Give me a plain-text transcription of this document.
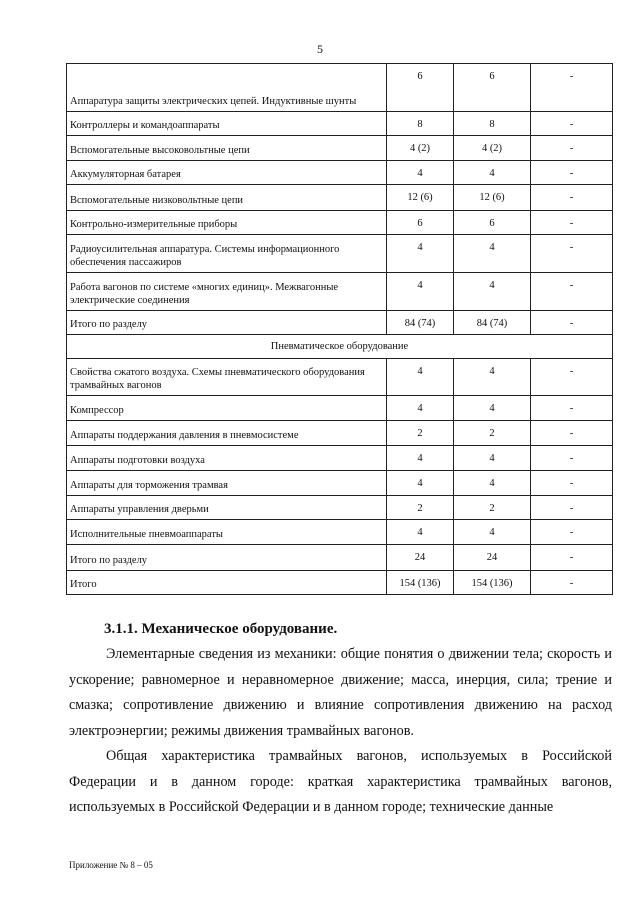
5
Аппаратура защиты электрических цепей. Индуктивные шунты	6	6	-
Контроллеры и командоаппараты	8	8	-
Вспомогательные высоковольтные цепи	4 (2)	4 (2)	-
Аккумуляторная батарея	4	4	-
Вспомогательные низковольтные цепи	12 (6)	12 (6)	-
Контрольно-измерительные приборы	6	6	-
Радиоусилительная аппаратура. Системы информационного обеспечения пассажиров	4	4	-
Работа вагонов по системе «многих единиц». Межвагонные электрические соединения	4	4	-
Итого по разделу	84 (74)	84 (74)	-
Пневматическое оборудование			
Свойства сжатого воздуха. Схемы пневматического оборудования трамвайных вагонов	4	4	-
Компрессор	4	4	-
Аппараты поддержания давления в пневмосистеме	2	2	-
Аппараты подготовки воздуха	4	4	-
Аппараты для торможения трамвая	4	4	-
Аппараты управления дверьми	2	2	-
Исполнительные пневмоаппараты	4	4	-
Итого по разделу	24	24	-
Итого	154 (136)	154 (136)	-
3.1.1. Механическое оборудование.

Элементарные сведения из механики: общие понятия о движении тела; скорость и ускорение; равномерное и неравномерное движение; масса, инерция, сила; трение и смазка; сопротивление движению и влияние сопротивления движению на расход электроэнергии; режимы движения трамвайных вагонов.

Общая характеристика трамвайных вагонов, используемых в Российской Федерации и в данном городе: краткая характеристика трамвайных вагонов, используемых в Российской Федерации и в данном городе; технические данные

Приложение № 8 – 05
